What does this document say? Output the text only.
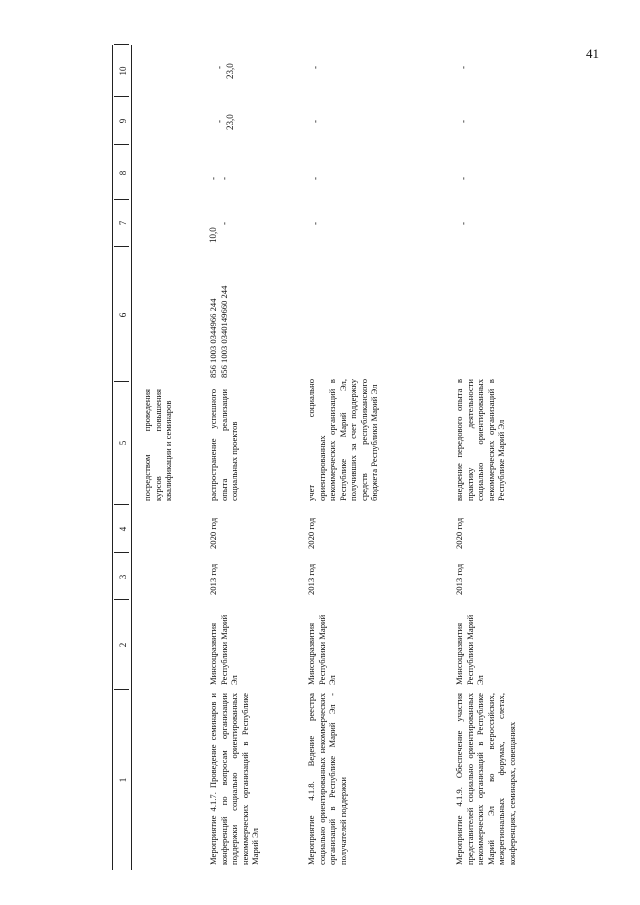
41
1
2
3
4
5
6
7
8
9
10
посредством проведения курсов повышения квалификации и семинаров
Мероприятие 4.1.7. Проведение семинаров и конференций по вопросам организации поддержки социально ориентированных некоммерческих организаций в Республике Марий Эл
Минсоцразвития Республики Марий Эл
2013 год
2020 год
распространение успешного опыта реализации социальных проектов
856 1003 0344966 244 856 1003 0340149660 244
10,0
-
- -
- 23,0
- 23,0
Мероприятие 4.1.8. Ведение реестра социально ориентированных некоммерческих организаций в Республике Марий Эл - получателей поддержки
Минсоцразвития Республики Марий Эл
2013 год
2020 год
учет социально ориентированных некоммерческих организаций в Республике Марий Эл, получивших за счет поддержку средств республиканского бюджета Республики Марий Эл
-
-
-
-
Мероприятие 4.1.9. Обеспечение участия представителей социально ориентированных некоммерческих организаций в Республике Марий Эл во всероссийских, межрегиональных форумах, слетах, конференциях, семинарах, совещаниях
Минсоцразвития Республики Марий Эл
2013 год
2020 год
внедрение передового опыта в практику деятельности социально ориентированных некоммерческих организаций в Республике Марий Эл
-
-
-
-
